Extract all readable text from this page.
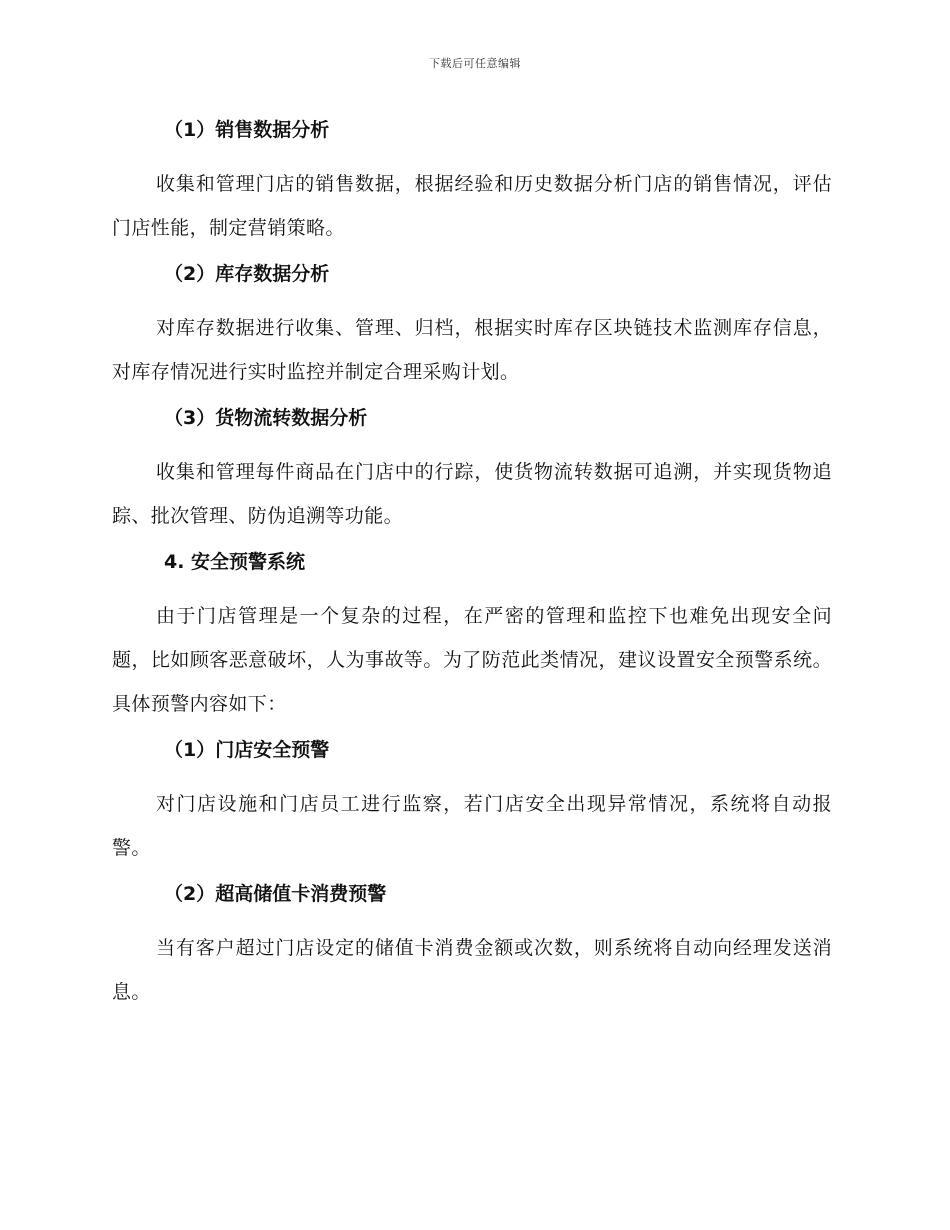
下载后可任意编辑
（1）销售数据分析

收集和管理门店的销售数据，根据经验和历史数据分析门店的销售情况，评估门店性能，制定营销策略。

（2）库存数据分析

对库存数据进行收集、管理、归档，根据实时库存区块链技术监测库存信息，对库存情况进行实时监控并制定合理采购计划。

（3）货物流转数据分析

收集和管理每件商品在门店中的行踪，使货物流转数据可追溯，并实现货物追踪、批次管理、防伪追溯等功能。

4. 安全预警系统

由于门店管理是一个复杂的过程，在严密的管理和监控下也难免出现安全问题，比如顾客恶意破坏，人为事故等。为了防范此类情况，建议设置安全预警系统。具体预警内容如下：

（1）门店安全预警

对门店设施和门店员工进行监察，若门店安全出现异常情况，系统将自动报警。

（2）超高储值卡消费预警

当有客户超过门店设定的储值卡消费金额或次数，则系统将自动向经理发送消息。
